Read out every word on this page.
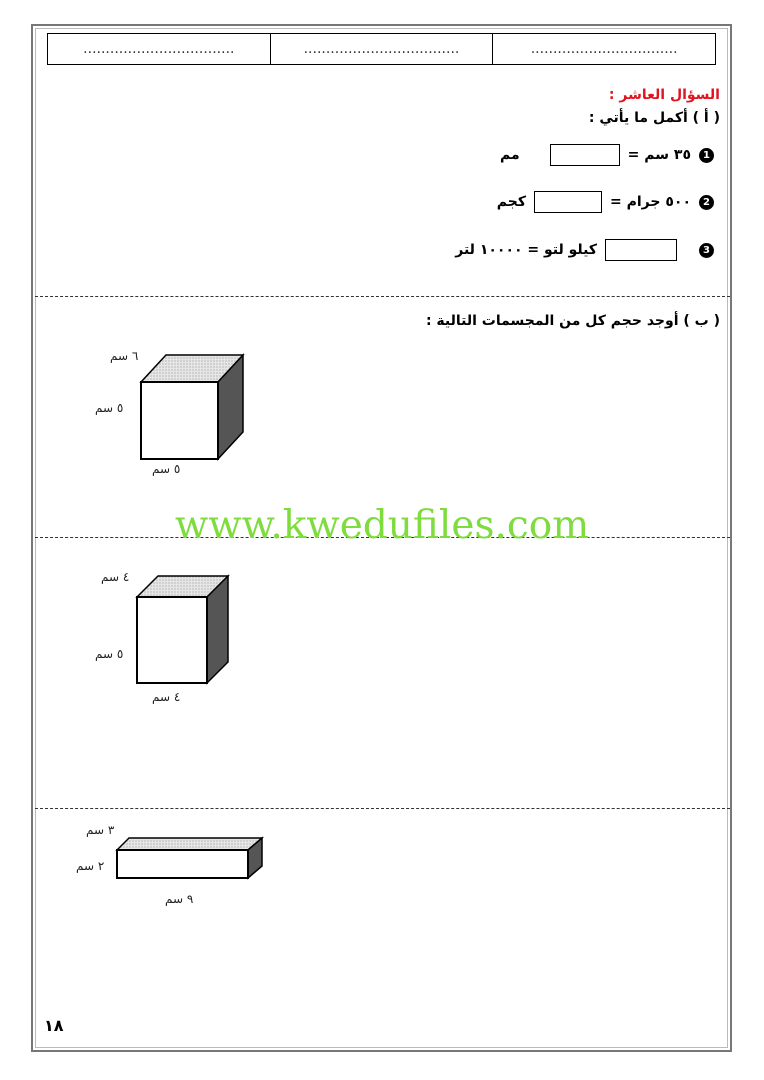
..................................	...................................	.................................
السؤال العاشر :
( أ ) أكمل ما يأتي :
1
٣٥ سم =
مم
2
٥٠٠ جرام =
كجم
3
كيلو لتو = ١٠٠٠٠ لتر
( ب ) أوجد حجم كل من المجسمات التالية :
٦ سم
٥ سم
٥ سم
٤ سم
٥ سم
٤ سم
٣ سم
٢ سم
٩ سم
www.kwedufiles.com
١٨
